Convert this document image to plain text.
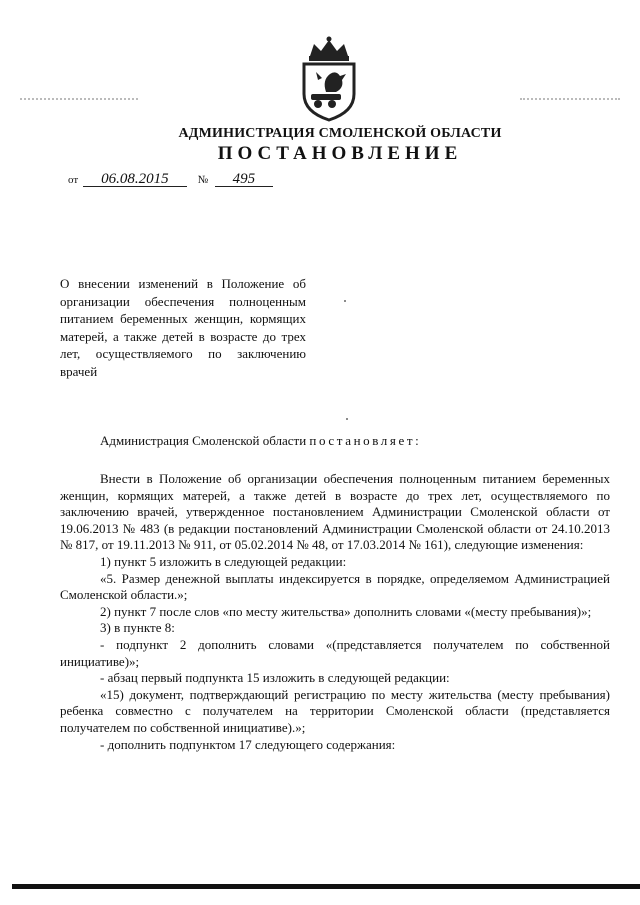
АДМИНИСТРАЦИЯ СМОЛЕНСКОЙ ОБЛАСТИ
ПОСТАНОВЛЕНИЕ
от 06.08.2015	№ 495
О внесении изменений в Положение об организации обеспечения полноценным питанием беременных женщин, кормящих матерей, а также детей в возрасте до трех лет, осуществляемого по заключению врачей
Администрация Смоленской области постановляет:

Внести в Положение об организации обеспечения полноценным питанием беременных женщин, кормящих матерей, а также детей в возрасте до трех лет, осуществляемого по заключению врачей, утвержденное постановлением Администрации Смоленской области от 19.06.2013 № 483 (в редакции постановлений Администрации Смоленской области от 24.10.2013 № 817, от 19.11.2013 № 911, от 05.02.2014 № 48, от 17.03.2014 № 161), следующие изменения:

1) пункт 5 изложить в следующей редакции:

«5. Размер денежной выплаты индексируется в порядке, определяемом Администрацией Смоленской области.»;

2) пункт 7 после слов «по месту жительства» дополнить словами «(месту пребывания)»;

3) в пункте 8:

- подпункт 2 дополнить словами «(представляется получателем по собственной инициативе)»;

- абзац первый подпункта 15 изложить в следующей редакции:

«15) документ, подтверждающий регистрацию по месту жительства (месту пребывания) ребенка совместно с получателем на территории Смоленской области (представляется получателем по собственной инициативе).»;

- дополнить подпунктом 17 следующего содержания:
